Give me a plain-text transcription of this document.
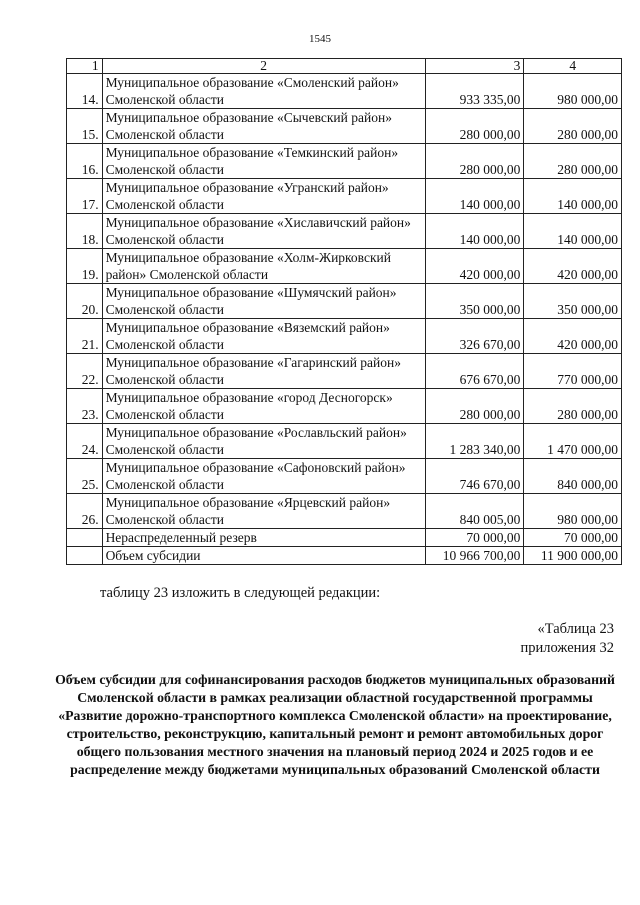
1545
1	2	3	4
14.	Муниципальное образование «Смоленский район» Смоленской области	933 335,00	980 000,00
15.	Муниципальное образование «Сычевский район» Смоленской области	280 000,00	280 000,00
16.	Муниципальное образование «Темкинский район» Смоленской области	280 000,00	280 000,00
17.	Муниципальное образование «Угранский район» Смоленской области	140 000,00	140 000,00
18.	Муниципальное образование «Хиславичский район» Смоленской области	140 000,00	140 000,00
19.	Муниципальное образование «Холм-Жирковский район» Смоленской области	420 000,00	420 000,00
20.	Муниципальное образование «Шумячский район» Смоленской области	350 000,00	350 000,00
21.	Муниципальное образование «Вяземский район» Смоленской области	326 670,00	420 000,00
22.	Муниципальное образование «Гагаринский район» Смоленской области	676 670,00	770 000,00
23.	Муниципальное образование «город Десногорск» Смоленской области	280 000,00	280 000,00
24.	Муниципальное образование «Рославльский район» Смоленской области	1 283 340,00	1 470 000,00
25.	Муниципальное образование «Сафоновский район» Смоленской области	746 670,00	840 000,00
26.	Муниципальное образование «Ярцевский район» Смоленской области	840 005,00	980 000,00
	Нераспределенный резерв	70 000,00	70 000,00
	Объем субсидии	10 966 700,00	11 900 000,00
таблицу 23 изложить в следующей редакции:
«Таблица 23
приложения 32
Объем субсидии для софинансирования расходов бюджетов муниципальных образований Смоленской области в рамках реализации областной государственной программы «Развитие дорожно-транспортного комплекса Смоленской области» на проектирование, строительство, реконструкцию, капитальный ремонт и ремонт автомобильных дорог общего пользования местного значения на плановый период 2024 и 2025 годов и ее распределение между бюджетами муниципальных образований Смоленской области
